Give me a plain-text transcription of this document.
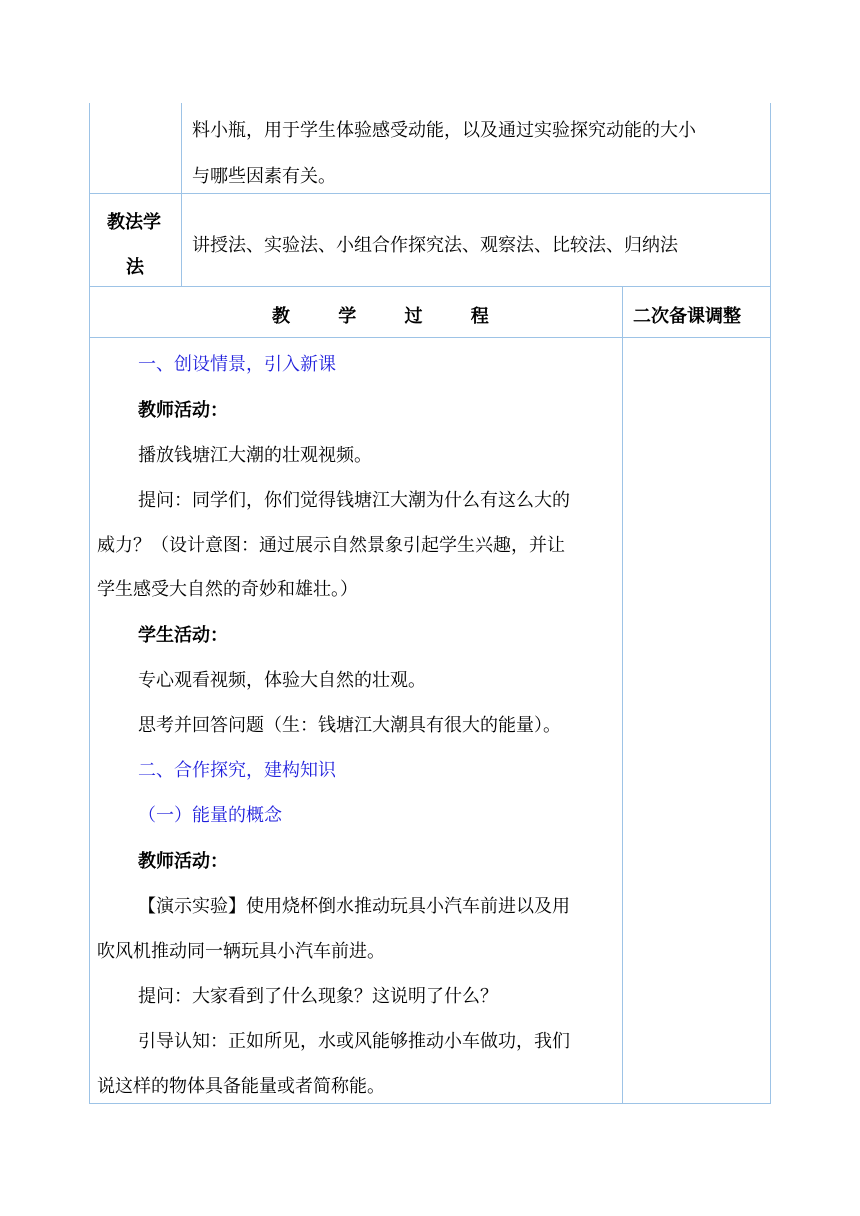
料小瓶，用于学生体验感受动能，以及通过实验探究动能的大小
与哪些因素有关。
教法学
法
讲授法、实验法、小组合作探究法、观察法、比较法、归纳法
教　 学　 过　 程	二次备课调整
一、创设情景，引入新课
教师活动：
播放钱塘江大潮的壮观视频。
提问：同学们，你们觉得钱塘江大潮为什么有这么大的
威力？（设计意图：通过展示自然景象引起学生兴趣，并让
学生感受大自然的奇妙和雄壮。）
学生活动：
专心观看视频，体验大自然的壮观。
思考并回答问题（生：钱塘江大潮具有很大的能量）。
二、合作探究，建构知识
（一）能量的概念
教师活动：
【演示实验】使用烧杯倒水推动玩具小汽车前进以及用
吹风机推动同一辆玩具小汽车前进。
提问：大家看到了什么现象？这说明了什么？
引导认知：正如所见，水或风能够推动小车做功，我们
说这样的物体具备能量或者简称能。
